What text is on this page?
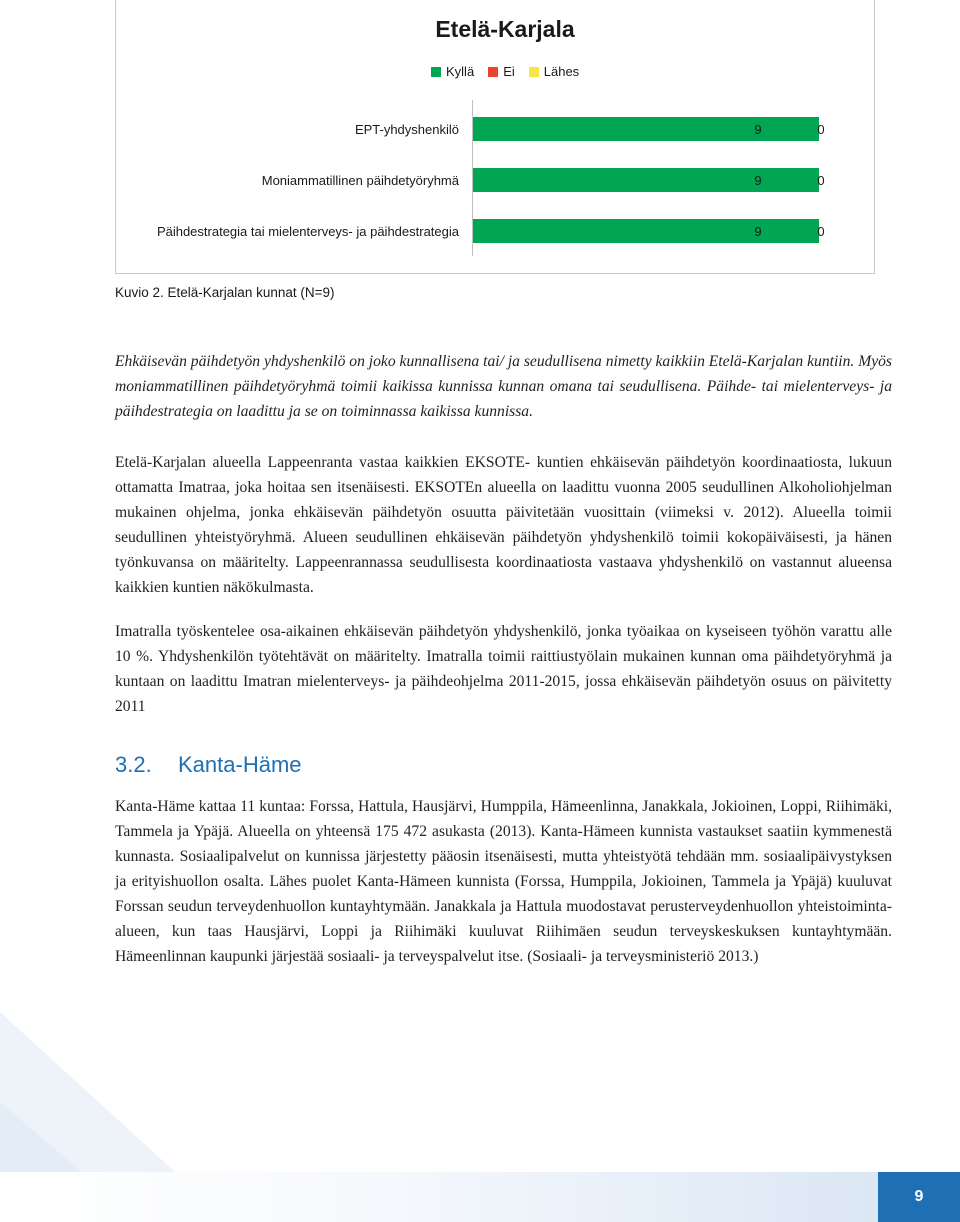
9
Etelä-Karjala
Kyllä Ei Lähes
EPT-yhdyshenkilö	9	0
Moniammatillinen päihdetyöryhmä	9	0
Päihdestrategia tai mielenterveys- ja päihdestrategia	9	0
Kuvio 2. Etelä-Karjalan kunnat (N=9)

Ehkäisevän päihdetyön yhdyshenkilö on joko kunnallisena tai/ ja seudullisena nimetty kaikkiin Etelä-Karjalan kuntiin. Myös moniammatillinen päihdetyöryhmä toimii kaikissa kunnissa kunnan omana tai seudullisena. Päihde- tai mielenterveys- ja päihdestrategia on laadittu ja se on toiminnassa kaikissa kunnissa.

Etelä-Karjalan alueella Lappeenranta vastaa kaikkien EKSOTE- kuntien ehkäisevän päihdetyön koordinaatiosta, lukuun ottamatta Imatraa, joka hoitaa sen itsenäisesti. EKSOTEn alueella on laadittu vuonna 2005 seudullinen Alkoholiohjelman mukainen ohjelma, jonka ehkäisevän päihdetyön osuutta päivitetään vuosittain (viimeksi v. 2012). Alueella toimii seudullinen yhteistyöryhmä. Alueen seudullinen ehkäisevän päihdetyön yhdyshenkilö toimii kokopäiväisesti, ja hänen työnkuvansa on määritelty. Lappeenrannassa seudullisesta koordinaatiosta vastaava yhdyshenkilö on vastannut alueensa kaikkien kuntien näkökulmasta.

Imatralla työskentelee osa-aikainen ehkäisevän päihdetyön yhdyshenkilö, jonka työaikaa on kyseiseen työhön varattu alle 10 %. Yhdyshenkilön työtehtävät on määritelty. Imatralla toimii raittiustyölain mukainen kunnan oma päihdetyöryhmä ja kuntaan on laadittu Imatran mielenterveys- ja päihdeohjelma 2011-2015, jossa ehkäisevän päihdetyön osuus on päivitetty 2011

3.2. Kanta-Häme

Kanta-Häme kattaa 11 kuntaa: Forssa, Hattula, Hausjärvi, Humppila, Hämeenlinna, Janakkala, Jokioinen, Loppi, Riihimäki, Tammela ja Ypäjä. Alueella on yhteensä 175 472 asukasta (2013). Kanta-Hämeen kunnista vastaukset saatiin kymmenestä kunnasta. Sosiaalipalvelut on kunnissa järjestetty pääosin itsenäisesti, mutta yhteistyötä tehdään mm. sosiaalipäivystyksen ja erityishuollon osalta. Lähes puolet Kanta-Hämeen kunnista (Forssa, Humppila, Jokioinen, Tammela ja Ypäjä) kuuluvat Forssan seudun terveydenhuollon kuntayhtymään. Janakkala ja Hattula muodostavat perusterveydenhuollon yhteistoiminta-alueen, kun taas Hausjärvi, Loppi ja Riihimäki kuuluvat Riihimäen seudun terveyskeskuksen kuntayhtymään. Hämeenlinnan kaupunki järjestää sosiaali- ja terveyspalvelut itse. (Sosiaali- ja terveysministeriö 2013.)
